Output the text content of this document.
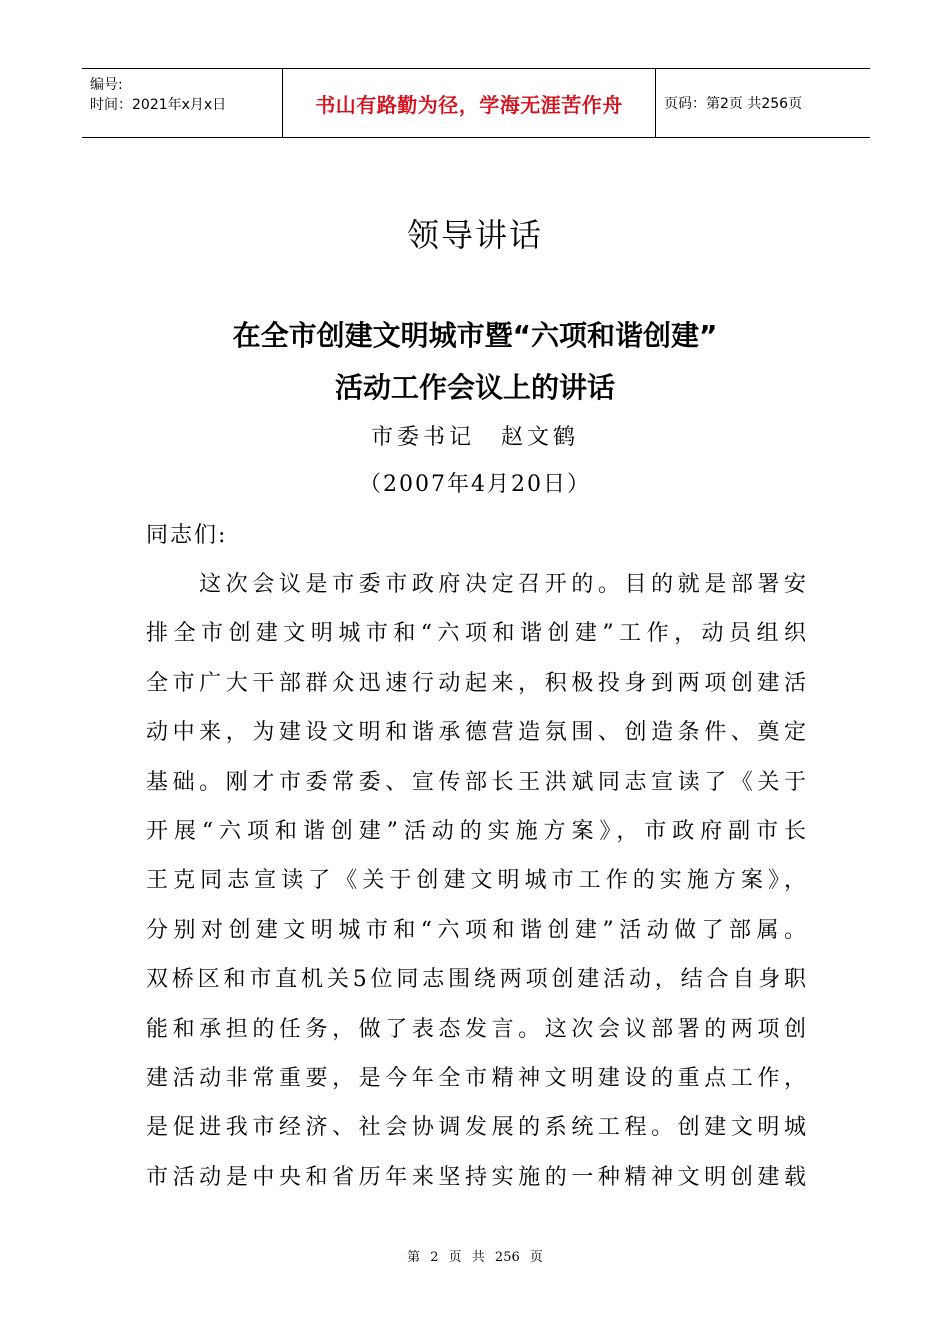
编号:
时间：2021年x月x日	书山有路勤为径，学海无涯苦作舟	页码：第2页 共256页
领导讲话
在全市创建文明城市暨“六项和谐创建”
活动工作会议上的讲话
市委书记 赵文鹤
（2007年4月20日）
同志们:
　　这次会议是市委市政府决定召开的。目的就是部署安
排全市创建文明城市和“六项和谐创建”工作，动员组织
全市广大干部群众迅速行动起来，积极投身到两项创建活
动中来，为建设文明和谐承德营造氛围、创造条件、奠定
基础。刚才市委常委、宣传部长王洪斌同志宣读了《关于
开展“六项和谐创建”活动的实施方案》，市政府副市长
王克同志宣读了《关于创建文明城市工作的实施方案》，
分别对创建文明城市和“六项和谐创建”活动做了部属。
双桥区和市直机关5位同志围绕两项创建活动，结合自身职
能和承担的任务，做了表态发言。这次会议部署的两项创
建活动非常重要，是今年全市精神文明建设的重点工作，
是促进我市经济、社会协调发展的系统工程。创建文明城
市活动是中央和省历年来坚持实施的一种精神文明创建载
第 2 页 共 256 页
